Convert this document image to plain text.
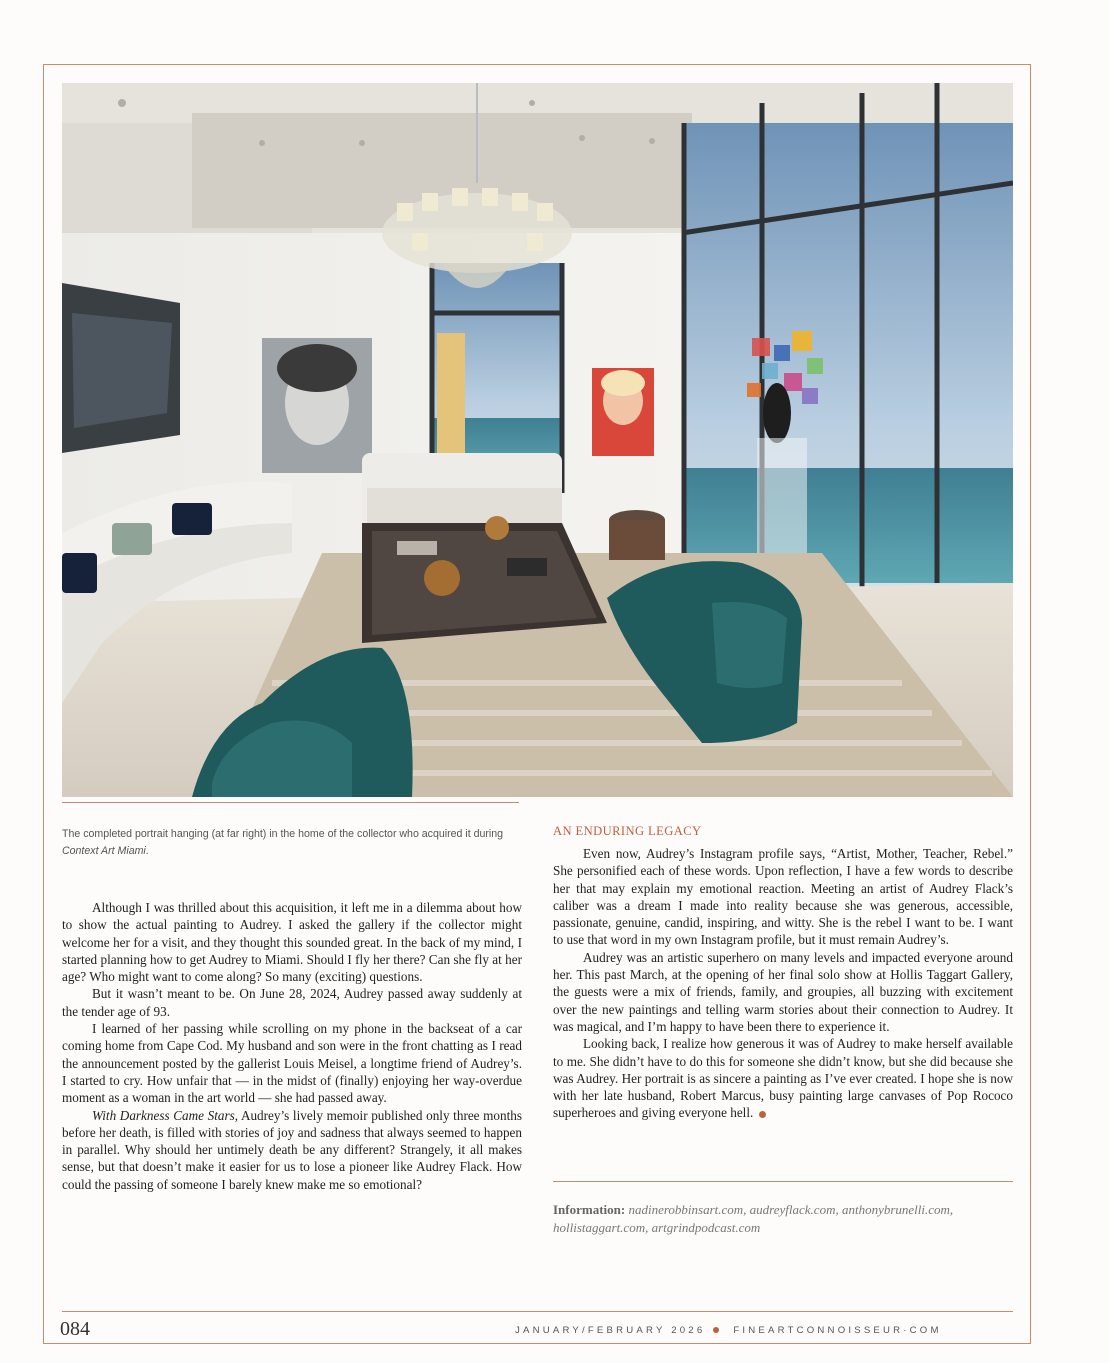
The completed portrait hanging (at far right) in the home of the collector who acquired it during Context Art Miami.

Although I was thrilled about this acquisition, it left me in a dilemma about how to show the actual painting to Audrey. I asked the gallery if the collector might welcome her for a visit, and they thought this sounded great. In the back of my mind, I started planning how to get Audrey to Miami. Should I fly her there? Can she fly at her age? Who might want to come along? So many (exciting) questions.

But it wasn’t meant to be. On June 28, 2024, Audrey passed away suddenly at the tender age of 93.

I learned of her passing while scrolling on my phone in the backseat of a car coming home from Cape Cod. My husband and son were in the front chatting as I read the announcement posted by the gallerist Louis Meisel, a longtime friend of Audrey’s. I started to cry. How unfair that — in the midst of (finally) enjoying her way-overdue moment as a woman in the art world — she had passed away.

With Darkness Came Stars, Audrey’s lively memoir published only three months before her death, is filled with stories of joy and sadness that always seemed to happen in parallel. Why should her untimely death be any different? Strangely, it all makes sense, but that doesn’t make it easier for us to lose a pioneer like Audrey Flack. How could the passing of someone I barely knew make me so emotional?

AN ENDURING LEGACY

Even now, Audrey’s Instagram profile says, “Artist, Mother, Teacher, Rebel.” She personified each of these words. Upon reflection, I have a few words to describe her that may explain my emotional reaction. Meeting an artist of Audrey Flack’s caliber was a dream I made into reality because she was generous, accessible, passionate, genuine, candid, inspiring, and witty. She is the rebel I want to be. I want to use that word in my own Instagram profile, but it must remain Audrey’s.

Audrey was an artistic superhero on many levels and impacted everyone around her. This past March, at the opening of her final solo show at Hollis Taggart Gallery, the guests were a mix of friends, family, and groupies, all buzzing with excitement over the new paintings and telling warm stories about their connection to Audrey. It was magical, and I’m happy to have been there to experience it.

Looking back, I realize how generous it was of Audrey to make herself available to me. She didn’t have to do this for someone she didn’t know, but she did because she was Audrey. Her portrait is as sincere a painting as I’ve ever created. I hope she is now with her late husband, Robert Marcus, busy painting large canvases of Pop Rococo superheroes and giving everyone hell.

Information: nadinerobbinsart.com, audreyflack.com, anthonybrunelli.com, hollistaggart.com, artgrindpodcast.com
084	JANUARY/FEBRUARY 2026	FINEARTCONNOISSEUR·COM
